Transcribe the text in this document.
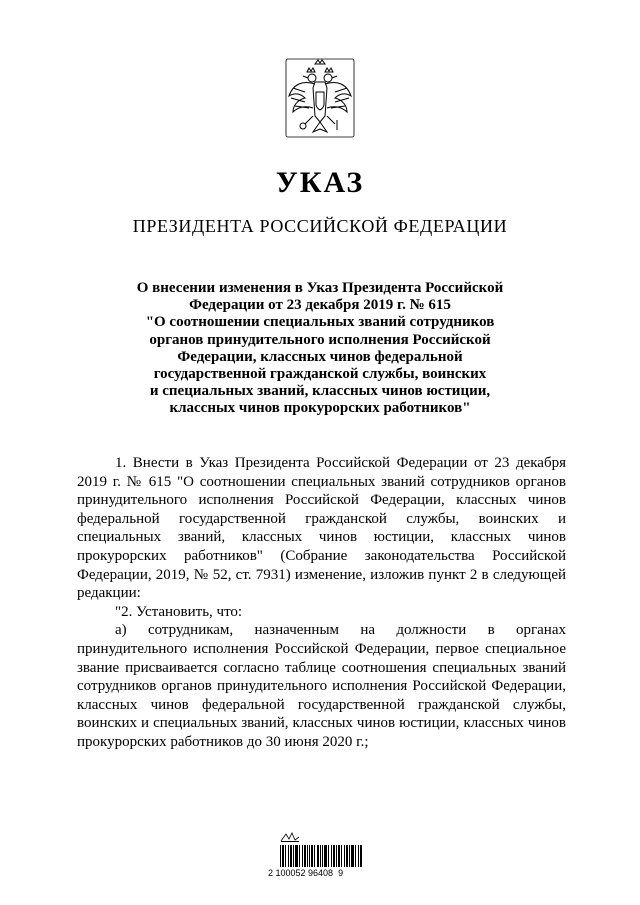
УКАЗ
ПРЕЗИДЕНТА РОССИЙСКОЙ ФЕДЕРАЦИИ
О внесении изменения в Указ Президента Российской
Федерации от 23 декабря 2019 г. № 615
"О соотношении специальных званий сотрудников
органов принудительного исполнения Российской
Федерации, классных чинов федеральной
государственной гражданской службы, воинских
и специальных званий, классных чинов юстиции,
классных чинов прокурорских работников"

1. Внести в Указ Президента Российской Федерации от 23 декабря 2019 г. № 615 "О соотношении специальных званий сотрудников органов принудительного исполнения Российской Федерации, классных чинов федеральной государственной гражданской службы, воинских и специальных званий, классных чинов юстиции, классных чинов прокурорских работников" (Собрание законодательства Российской Федерации, 2019, № 52, ст. 7931) изменение, изложив пункт 2 в следующей редакции:

"2. Установить, что:

а) сотрудникам, назначенным на должности в органах принудительного исполнения Российской Федерации, первое специальное звание присваивается согласно таблице соотношения специальных званий сотрудников органов принудительного исполнения Российской Федерации, классных чинов федеральной государственной гражданской службы, воинских и специальных званий, классных чинов юстиции, классных чинов прокурорских работников до 30 июня 2020 г.;

2 100052 96408  9
